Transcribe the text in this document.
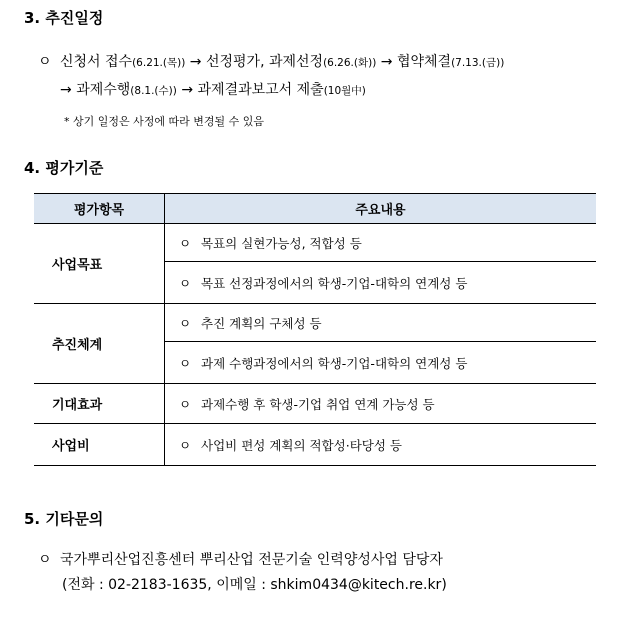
3. 추진일정
ㅇ 신청서 접수(6.21.(목)) → 선정평가, 과제선정(6.26.(화)) → 협약체결(7.13.(금))
→ 과제수행(8.1.(수)) → 과제결과보고서 제출(10월中)
* 상기 일정은 사정에 따라 변경될 수 있음
4. 평가기준
평가항목	주요내용
사업목표	ㅇ 목표의 실현가능성, 적합성 등
	ㅇ 목표 선정과정에서의 학생-기업-대학의 연계성 등
추진체계	ㅇ 추진 계획의 구체성 등
	ㅇ 과제 수행과정에서의 학생-기업-대학의 연계성 등
기대효과	ㅇ 과제수행 후 학생-기업 취업 연계 가능성 등
사업비	ㅇ 사업비 편성 계획의 적합성·타당성 등
5. 기타문의
ㅇ 국가뿌리산업진흥센터 뿌리산업 전문기술 인력양성사업 담당자
(전화 : 02-2183-1635, 이메일 : shkim0434@kitech.re.kr)
